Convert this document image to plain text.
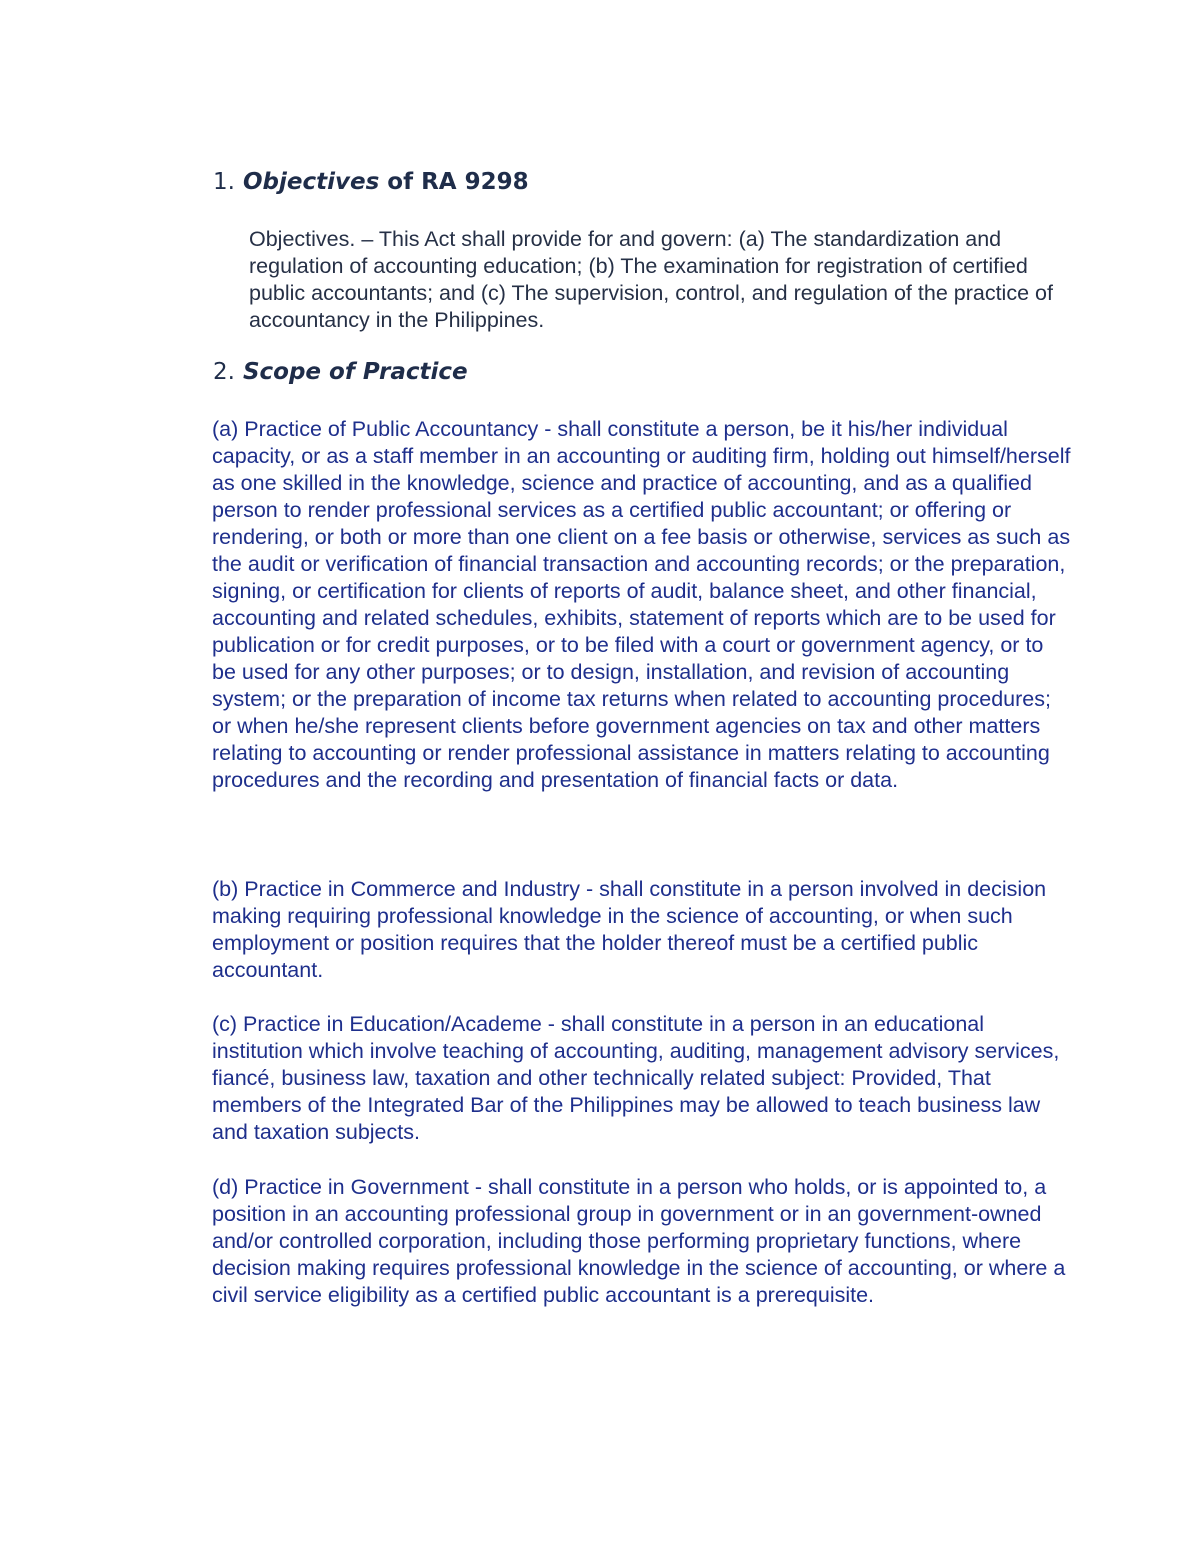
1. Objectives of RA 9298

Objectives. – This Act shall provide for and govern: (a) The standardization and regulation of accounting education; (b) The examination for registration of certified public accountants; and (c) The supervision, control, and regulation of the practice of accountancy in the Philippines.

2. Scope of Practice

(a) Practice of Public Accountancy - shall constitute a person, be it his/her individual capacity, or as a staff member in an accounting or auditing firm, holding out himself/herself as one skilled in the knowledge, science and practice of accounting, and as a qualified person to render professional services as a certified public accountant; or offering or rendering, or both or more than one client on a fee basis or otherwise, services as such as the audit or verification of financial transaction and accounting records; or the preparation, signing, or certification for clients of reports of audit, balance sheet, and other financial, accounting and related schedules, exhibits, statement of reports which are to be used for publication or for credit purposes, or to be filed with a court or government agency, or to be used for any other purposes; or to design, installation, and revision of accounting system; or the preparation of income tax returns when related to accounting procedures; or when he/she represent clients before government agencies on tax and other matters relating to accounting or render professional assistance in matters relating to accounting procedures and the recording and presentation of financial facts or data.

(b) Practice in Commerce and Industry - shall constitute in a person involved in decision making requiring professional knowledge in the science of accounting, or when such employment or position requires that the holder thereof must be a certified public accountant.

(c) Practice in Education/Academe - shall constitute in a person in an educational institution which involve teaching of accounting, auditing, management advisory services, fiancé, business law, taxation and other technically related subject: Provided, That members of the Integrated Bar of the Philippines may be allowed to teach business law and taxation subjects.

(d) Practice in Government - shall constitute in a person who holds, or is appointed to, a position in an accounting professional group in government or in an government-owned and/or controlled corporation, including those performing proprietary functions, where decision making requires professional knowledge in the science of accounting, or where a civil service eligibility as a certified public accountant is a prerequisite.
